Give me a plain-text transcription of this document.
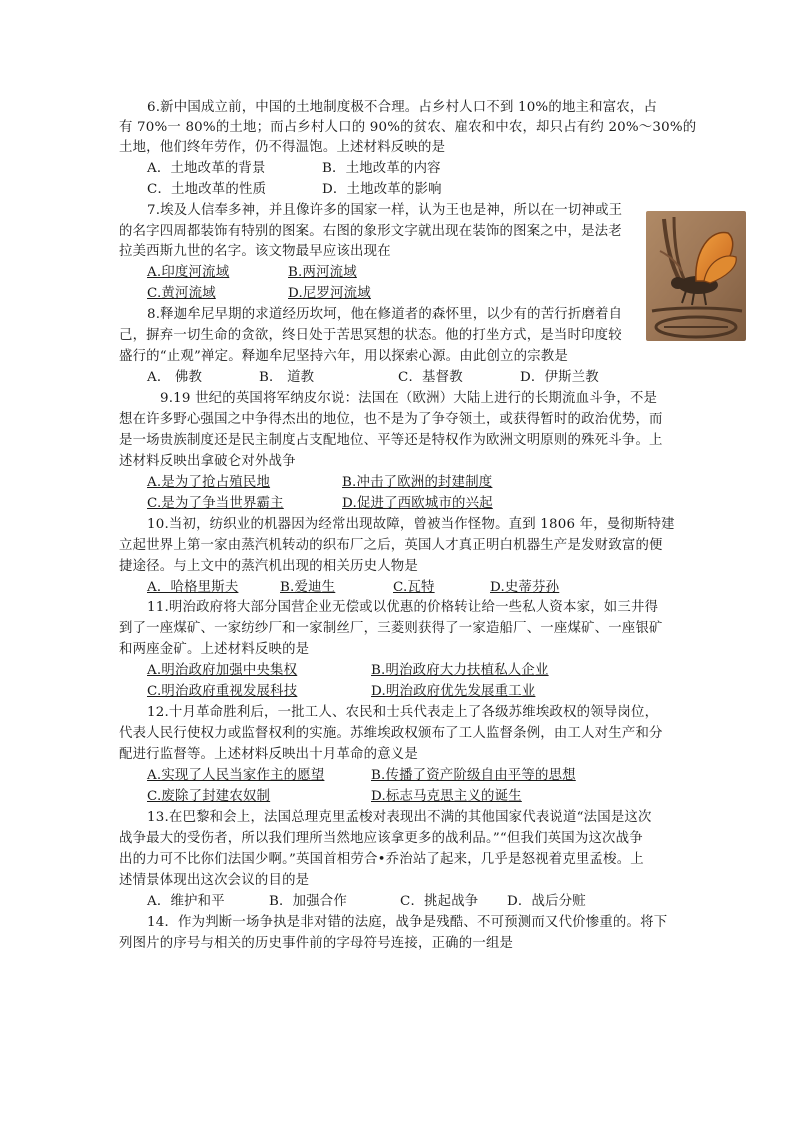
6.新中国成立前，中国的土地制度极不合理。占乡村人口不到 10%的地主和富农，占
有 70%一 80%的土地；而占乡村人口的 90%的贫农、雇农和中农，却只占有约 20%～30%的
土地，他们终年劳作，仍不得温饱。上述材料反映的是
A．土地改革的背景	B．土地改革的内容
C．土地改革的性质	D．土地改革的影响
7.埃及人信奉多神，并且像许多的国家一样，认为王也是神，所以在一切神或王
的名字四周都装饰有特别的图案。右图的象形文字就出现在装饰的图案之中，是法老
拉美西斯九世的名字。该文物最早应该出现在
A.印度河流域	B.两河流域
C.黄河流域	D.尼罗河流域
8.释迦牟尼早期的求道经历坎坷，他在修道者的森怀里，以少有的苦行折磨着自
己，摒弃一切生命的贪欲，终日处于苦思冥想的状态。他的打坐方式，是当时印度较
盛行的“止观”禅定。释迦牟尼坚持六年，用以探索心源。由此创立的宗教是
A． 佛教	B． 道教	C．基督教	D．伊斯兰教
9.19 世纪的英国将军纳皮尔说：法国在（欧洲）大陆上进行的长期流血斗争，不是
想在许多野心强国之中争得杰出的地位，也不是为了争夺领土，或获得暂时的政治优势，而
是一场贵族制度还是民主制度占支配地位、平等还是特权作为欧洲文明原则的殊死斗争。上
述材料反映出拿破仑对外战争
A.是为了抢占殖民地	B.冲击了欧洲的封建制度
C.是为了争当世界霸主	D.促进了西欧城市的兴起
10.当初，纺织业的机器因为经常出现故障，曾被当作怪物。直到 1806 年，曼彻斯特建
立起世界上第一家由蒸汽机转动的织布厂之后，英国人才真正明白机器生产是发财致富的便
捷途径。与上文中的蒸汽机出现的相关历史人物是
A．哈格里斯夫	B.爱迪生	C.瓦特	D.史蒂芬孙
11.明治政府将大部分国营企业无偿或以优惠的价格转让给一些私人资本家，如三井得
到了一座煤矿、一家纺纱厂和一家制丝厂，三菱则获得了一家造船厂、一座煤矿、一座银矿
和两座金矿。上述材料反映的是
A.明治政府加强中央集权	B.明治政府大力扶植私人企业
C.明治政府重视发展科技	D.明治政府优先发展重工业
12.十月革命胜利后，一批工人、农民和士兵代表走上了各级苏维埃政权的领导岗位，
代表人民行使权力或监督权利的实施。苏维埃政权颁布了工人监督条例，由工人对生产和分
配进行监督等。上述材料反映出十月革命的意义是
A.实现了人民当家作主的愿望	B.传播了资产阶级自由平等的思想
C.废除了封建农奴制	D.标志马克思主义的诞生
13.在巴黎和会上，法国总理克里孟梭对表现出不满的其他国家代表说道“法国是这次
战争最大的受伤者，所以我们理所当然地应该拿更多的战利品。”“但我们英国为这次战争
出的力可不比你们法国少啊。”英国首相劳合•乔治站了起来，几乎是怒视着克里孟梭。上
述情景体现出这次会议的目的是
A．维护和平	B．加强合作	C．挑起战争 D．战后分赃
14．作为判断一场争执是非对错的法庭，战争是残酷、不可预测而又代价惨重的。将下
列图片的序号与相关的历史事件前的字母符号连接，正确的一组是
